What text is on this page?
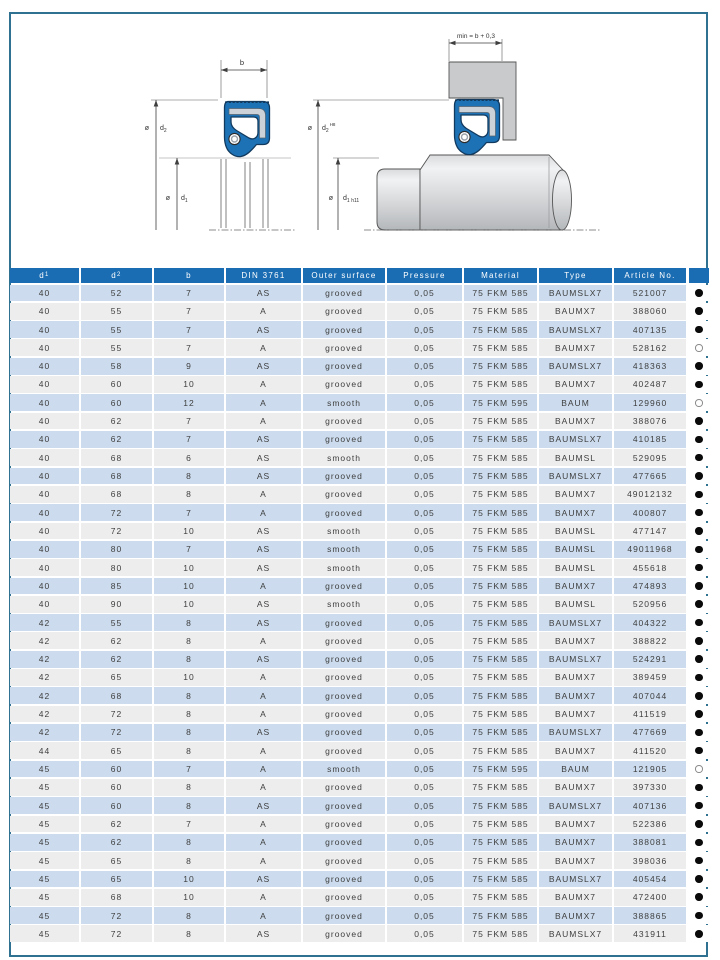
b
ø $d_2$
ø $d_1$
min = b + 0,3
ø $d_2^{H8}$
ø $d_1$ h11
d 1	d 2	b	DIN 3761	Outer surface	Pressure	Material	Type	Article No.
40	52	7	AS	grooved	0,05	75 FKM 585	BAUMSLX7	521007
40	55	7	A	grooved	0,05	75 FKM 585	BAUMX7	388060
40	55	7	AS	grooved	0,05	75 FKM 585	BAUMSLX7	407135
40	55	7	A	grooved	0,05	75 FKM 585	BAUMX7	528162
40	58	9	AS	grooved	0,05	75 FKM 585	BAUMSLX7	418363
40	60	10	A	grooved	0,05	75 FKM 585	BAUMX7	402487
40	60	12	A	smooth	0,05	75 FKM 595	BAUM	129960
40	62	7	A	grooved	0,05	75 FKM 585	BAUMX7	388076
40	62	7	AS	grooved	0,05	75 FKM 585	BAUMSLX7	410185
40	68	6	AS	smooth	0,05	75 FKM 585	BAUMSL	529095
40	68	8	AS	grooved	0,05	75 FKM 585	BAUMSLX7	477665
40	68	8	A	grooved	0,05	75 FKM 585	BAUMX7	49012132
40	72	7	A	grooved	0,05	75 FKM 585	BAUMX7	400807
40	72	10	AS	smooth	0,05	75 FKM 585	BAUMSL	477147
40	80	7	AS	smooth	0,05	75 FKM 585	BAUMSL	49011968
40	80	10	AS	smooth	0,05	75 FKM 585	BAUMSL	455618
40	85	10	A	grooved	0,05	75 FKM 585	BAUMX7	474893
40	90	10	AS	smooth	0,05	75 FKM 585	BAUMSL	520956
42	55	8	AS	grooved	0,05	75 FKM 585	BAUMSLX7	404322
42	62	8	A	grooved	0,05	75 FKM 585	BAUMX7	388822
42	62	8	AS	grooved	0,05	75 FKM 585	BAUMSLX7	524291
42	65	10	A	grooved	0,05	75 FKM 585	BAUMX7	389459
42	68	8	A	grooved	0,05	75 FKM 585	BAUMX7	407044
42	72	8	A	grooved	0,05	75 FKM 585	BAUMX7	411519
42	72	8	AS	grooved	0,05	75 FKM 585	BAUMSLX7	477669
44	65	8	A	grooved	0,05	75 FKM 585	BAUMX7	411520
45	60	7	A	smooth	0,05	75 FKM 595	BAUM	121905
45	60	8	A	grooved	0,05	75 FKM 585	BAUMX7	397330
45	60	8	AS	grooved	0,05	75 FKM 585	BAUMSLX7	407136
45	62	7	A	grooved	0,05	75 FKM 585	BAUMX7	522386
45	62	8	A	grooved	0,05	75 FKM 585	BAUMX7	388081
45	65	8	A	grooved	0,05	75 FKM 585	BAUMX7	398036
45	65	10	AS	grooved	0,05	75 FKM 585	BAUMSLX7	405454
45	68	10	A	grooved	0,05	75 FKM 585	BAUMX7	472400
45	72	8	A	grooved	0,05	75 FKM 585	BAUMX7	388865
45	72	8	AS	grooved	0,05	75 FKM 585	BAUMSLX7	431911
